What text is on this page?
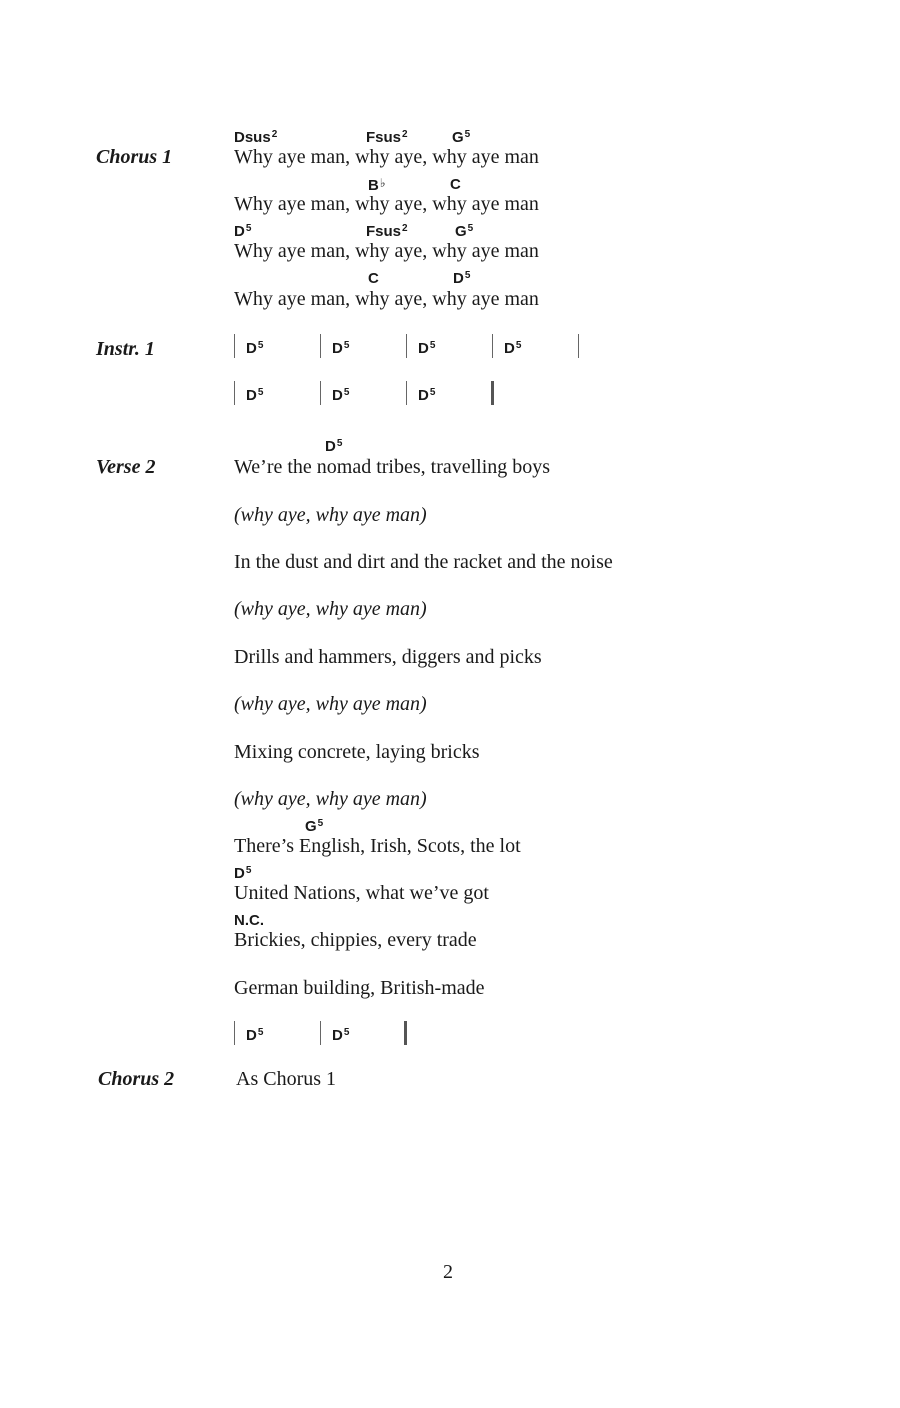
Chorus 1
Dsus$^2$	Fsus$^2$	$G^5$
Why aye man, why aye, why aye man
B♭	C
Why aye man, why aye, why aye man
$D^5$	Fsus$^2$	$G^5$
Why aye man, why aye, why aye man
C	$D^5$
Why aye man, why aye, why aye man
Instr. 1	$D^5$	$D^5$	$D^5$	$D^5$
$D^5$	$D^5$	$D^5$
Verse 2
$D^5$
We’re the nomad tribes, travelling boys
(why aye, why aye man)
In the dust and dirt and the racket and the noise
(why aye, why aye man)
Drills and hammers, diggers and picks
(why aye, why aye man)
Mixing concrete, laying bricks
(why aye, why aye man)
$G^5$
There’s English, Irish, Scots, the lot
$D^5$
United Nations, what we’ve got
N.C.
Brickies, chippies, every trade
German building, British-made
$D^5$	$D^5$
Chorus 2	As Chorus 1
2
